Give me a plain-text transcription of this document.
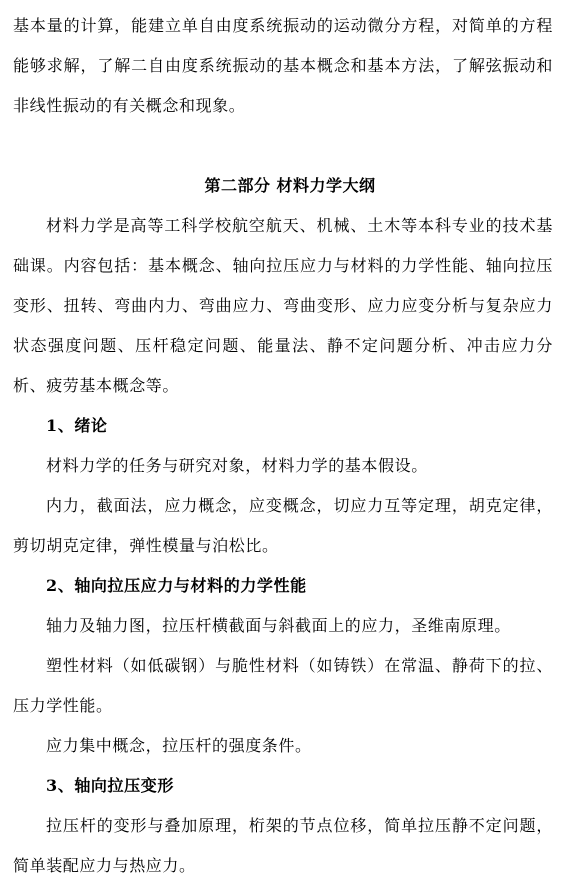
基本量的计算，能建立单自由度系统振动的运动微分方程，对简单的方程能够求解，了解二自由度系统振动的基本概念和基本方法，了解弦振动和非线性振动的有关概念和现象。

第二部分 材料力学大纲

材料力学是高等工科学校航空航天、机械、土木等本科专业的技术基础课。内容包括：基本概念、轴向拉压应力与材料的力学性能、轴向拉压变形、扭转、弯曲内力、弯曲应力、弯曲变形、应力应变分析与复杂应力状态强度问题、压杆稳定问题、能量法、静不定问题分析、冲击应力分析、疲劳基本概念等。

1、绪论

材料力学的任务与研究对象，材料力学的基本假设。

内力，截面法，应力概念，应变概念，切应力互等定理，胡克定律，剪切胡克定律，弹性模量与泊松比。

2、轴向拉压应力与材料的力学性能

轴力及轴力图，拉压杆横截面与斜截面上的应力，圣维南原理。

塑性材料（如低碳钢）与脆性材料（如铸铁）在常温、静荷下的拉、压力学性能。

应力集中概念，拉压杆的强度条件。

3、轴向拉压变形

拉压杆的变形与叠加原理，桁架的节点位移，简单拉压静不定问题，简单装配应力与热应力。
